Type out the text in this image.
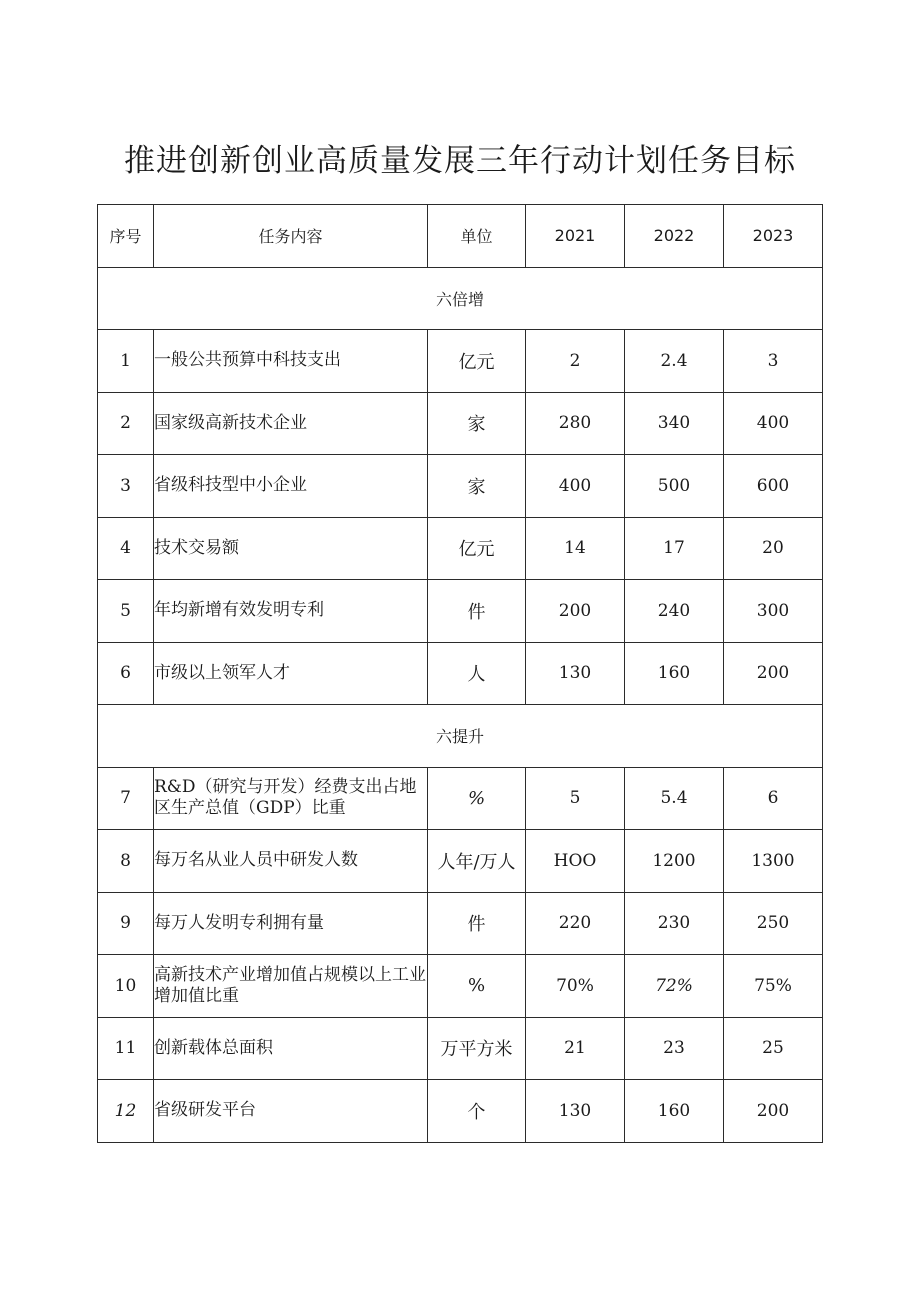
推进创新创业高质量发展三年行动计划任务目标
序号	任务内容	单位	2021	2022	2023
六倍增					
1	一般公共预算中科技支出	亿元	2	2.4	3
2	国家级高新技术企业	家	280	340	400
3	省级科技型中小企业	家	400	500	600
4	技术交易额	亿元	14	17	20
5	年均新增有效发明专利	件	200	240	300
6	市级以上领军人才	人	130	160	200
六提升					
7	R&D（研究与开发）经费支出占地区生产总值（GDP）比重	%	5	5.4	6
8	每万名从业人员中研发人数	人年/万人	HOO	1200	1300
9	每万人发明专利拥有量	件	220	230	250
10	高新技术产业增加值占规模以上工业增加值比重	%	70%	72%	75%
11	创新载体总面积	万平方米	21	23	25
12	省级研发平台	个	130	160	200
